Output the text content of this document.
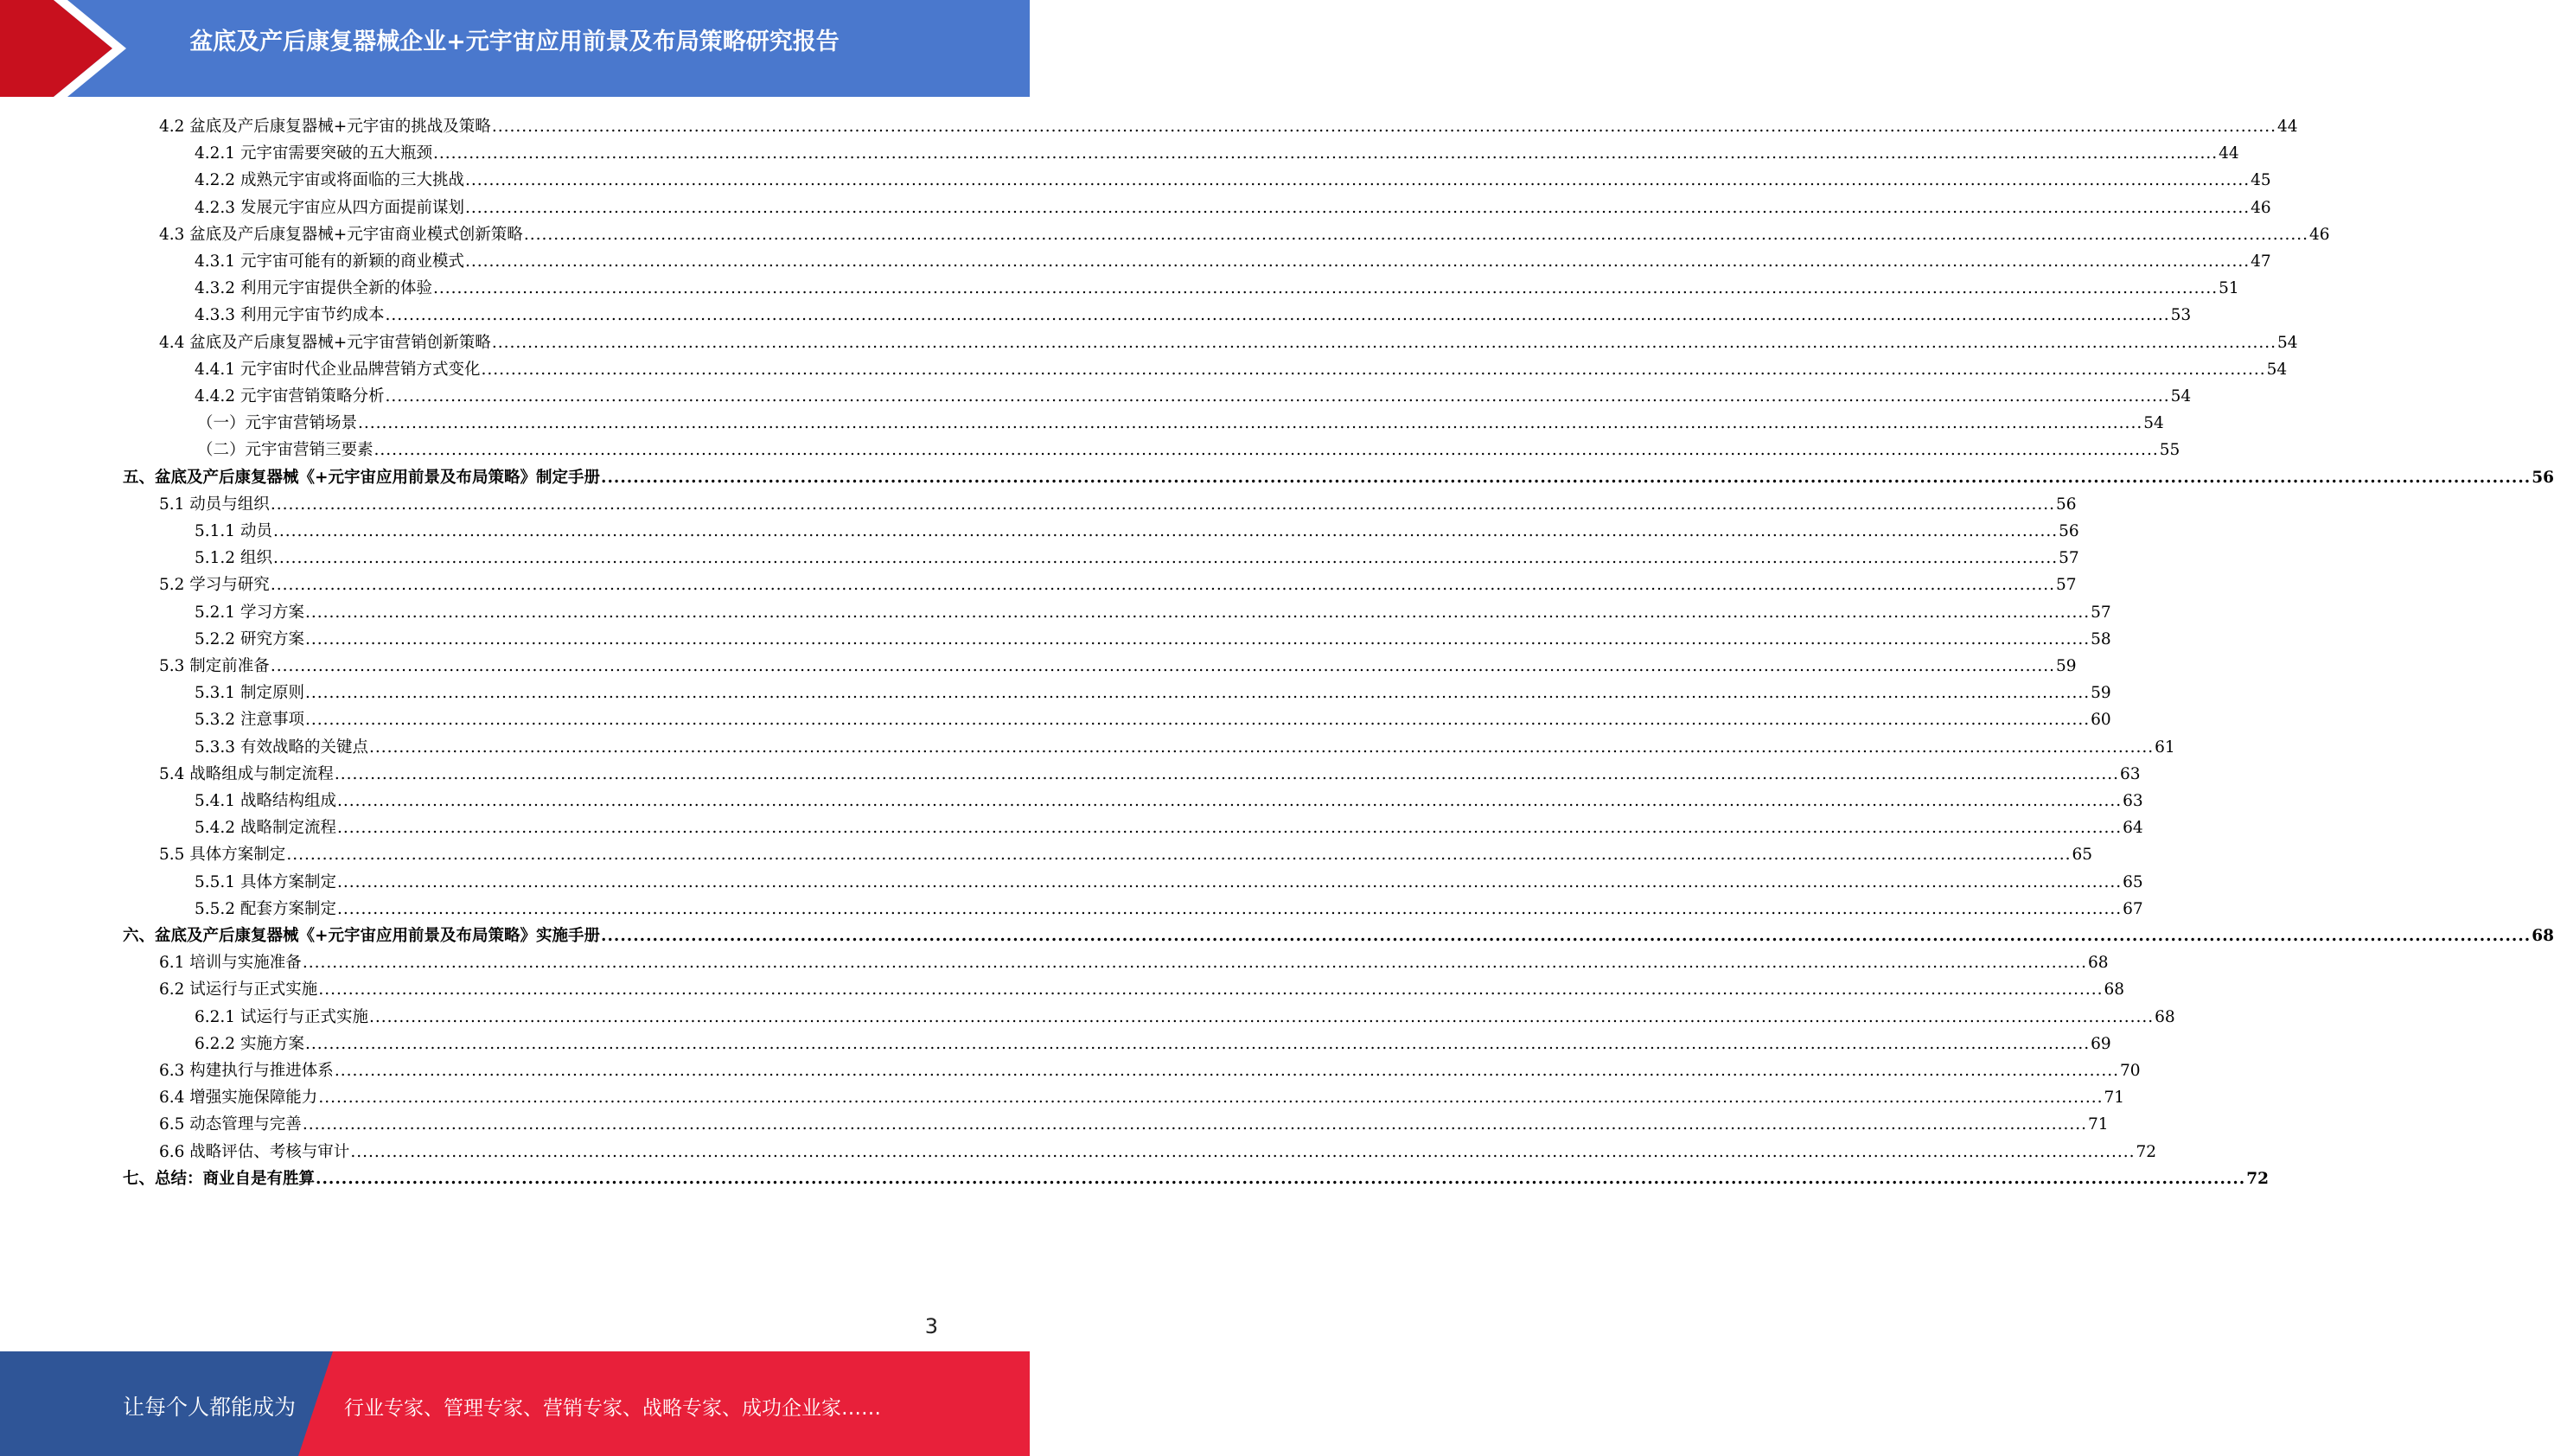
盆底及产后康复器械企业+元宇宙应用前景及布局策略研究报告
4.2 盆底及产后康复器械+元宇宙的挑战及策略 ............................................................................................................................................................................................................................................................................................................ 44
4.2.1 元宇宙需要突破的五大瓶颈 ............................................................................................................................................................................................................................................................................................................ 44
4.2.2 成熟元宇宙或将面临的三大挑战 ............................................................................................................................................................................................................................................................................................................ 45
4.2.3 发展元宇宙应从四方面提前谋划 ............................................................................................................................................................................................................................................................................................................ 46
4.3 盆底及产后康复器械+元宇宙商业模式创新策略 ............................................................................................................................................................................................................................................................................................................ 46
4.3.1 元宇宙可能有的新颖的商业模式 ............................................................................................................................................................................................................................................................................................................ 47
4.3.2 利用元宇宙提供全新的体验 ............................................................................................................................................................................................................................................................................................................ 51
4.3.3 利用元宇宙节约成本 ............................................................................................................................................................................................................................................................................................................ 53
4.4 盆底及产后康复器械+元宇宙营销创新策略 ............................................................................................................................................................................................................................................................................................................ 54
4.4.1 元宇宙时代企业品牌营销方式变化 ............................................................................................................................................................................................................................................................................................................ 54
4.4.2 元宇宙营销策略分析 ............................................................................................................................................................................................................................................................................................................ 54
（一）元宇宙营销场景 ............................................................................................................................................................................................................................................................................................................ 54
（二）元宇宙营销三要素 ............................................................................................................................................................................................................................................................................................................ 55
五、盆底及产后康复器械《+元宇宙应用前景及布局策略》制定手册 ............................................................................................................................................................................................................................................................................................................ 56
5.1 动员与组织 ............................................................................................................................................................................................................................................................................................................ 56
5.1.1 动员 ............................................................................................................................................................................................................................................................................................................ 56
5.1.2 组织 ............................................................................................................................................................................................................................................................................................................ 57
5.2 学习与研究 ............................................................................................................................................................................................................................................................................................................ 57
5.2.1 学习方案 ............................................................................................................................................................................................................................................................................................................ 57
5.2.2 研究方案 ............................................................................................................................................................................................................................................................................................................ 58
5.3 制定前准备 ............................................................................................................................................................................................................................................................................................................ 59
5.3.1 制定原则 ............................................................................................................................................................................................................................................................................................................ 59
5.3.2 注意事项 ............................................................................................................................................................................................................................................................................................................ 60
5.3.3 有效战略的关键点 ............................................................................................................................................................................................................................................................................................................ 61
5.4 战略组成与制定流程 ............................................................................................................................................................................................................................................................................................................ 63
5.4.1 战略结构组成 ............................................................................................................................................................................................................................................................................................................ 63
5.4.2 战略制定流程 ............................................................................................................................................................................................................................................................................................................ 64
5.5 具体方案制定 ............................................................................................................................................................................................................................................................................................................ 65
5.5.1 具体方案制定 ............................................................................................................................................................................................................................................................................................................ 65
5.5.2 配套方案制定 ............................................................................................................................................................................................................................................................................................................ 67
六、盆底及产后康复器械《+元宇宙应用前景及布局策略》实施手册 ............................................................................................................................................................................................................................................................................................................ 68
6.1 培训与实施准备 ............................................................................................................................................................................................................................................................................................................ 68
6.2 试运行与正式实施 ............................................................................................................................................................................................................................................................................................................ 68
6.2.1 试运行与正式实施 ............................................................................................................................................................................................................................................................................................................ 68
6.2.2 实施方案 ............................................................................................................................................................................................................................................................................................................ 69
6.3 构建执行与推进体系 ............................................................................................................................................................................................................................................................................................................ 70
6.4 增强实施保障能力 ............................................................................................................................................................................................................................................................................................................ 71
6.5 动态管理与完善 ............................................................................................................................................................................................................................................................................................................ 71
6.6 战略评估、考核与审计 ............................................................................................................................................................................................................................................................................................................ 72
七、总结：商业自是有胜算 ............................................................................................................................................................................................................................................................................................................ 72
3
让每个人都能成为 行业专家、管理专家、营销专家、战略专家、成功企业家……
